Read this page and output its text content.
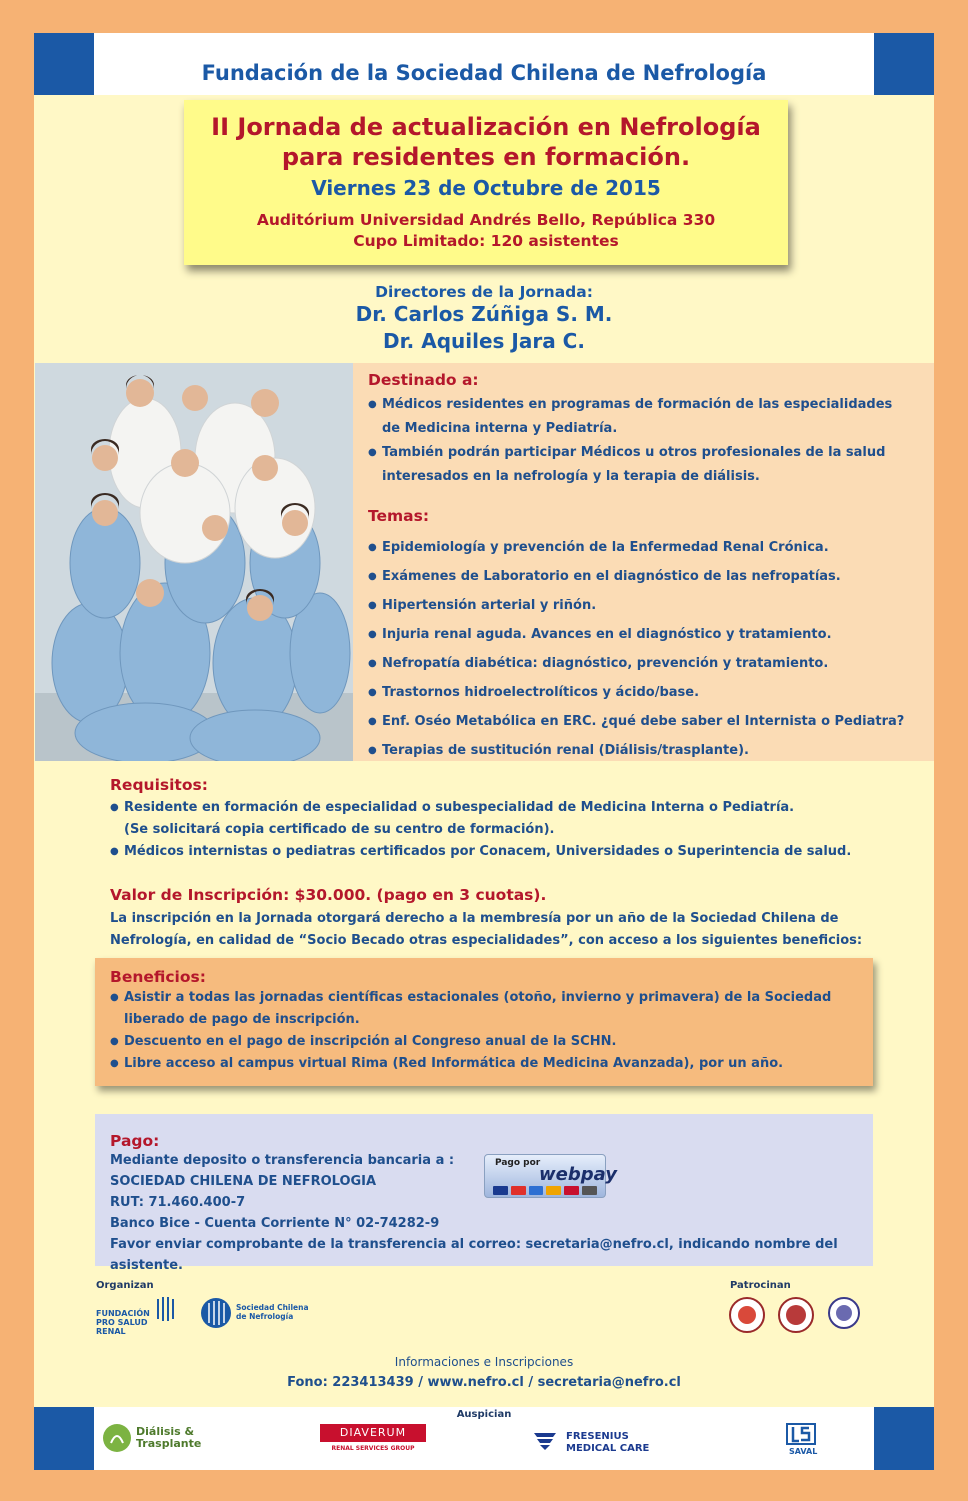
Fundación de la Sociedad Chilena de Nefrología
II Jornada de actualización en Nefrología
para residentes en formación.
Viernes 23 de Octubre de 2015
Auditórium Universidad Andrés Bello, República 330
Cupo Limitado: 120 asistentes
Directores de la Jornada:
Dr. Carlos Zúñiga S. M.
Dr. Aquiles Jara C.
Destinado a:
● Médicos residentes en programas de formación de las especialidades
de Medicina interna y Pediatría.
● También podrán participar Médicos u otros profesionales de la salud
interesados en la nefrología y la terapia de diálisis.
Temas:
● Epidemiología y prevención de la Enfermedad Renal Crónica.
● Exámenes de Laboratorio en el diagnóstico de las nefropatías.
● Hipertensión arterial y riñón.
● Injuria renal aguda. Avances en el diagnóstico y tratamiento.
● Nefropatía diabética: diagnóstico, prevención y tratamiento.
● Trastornos hidroelectrolíticos y ácido/base.
● Enf. Oséo Metabólica en ERC. ¿qué debe saber el Internista o Pediatra?
● Terapias de sustitución renal (Diálisis/trasplante).
Requisitos:
● Residente en formación de especialidad o subespecialidad de Medicina Interna o Pediatría.
(Se solicitará copia certificado de su centro de formación).
● Médicos internistas o pediatras certificados por Conacem, Universidades o Superintencia de salud.
Valor de Inscripción: $30.000. (pago en 3 cuotas).
La inscripción en la Jornada otorgará derecho a la membresía por un año de la Sociedad Chilena de
Nefrología, en calidad de “Socio Becado otras especialidades”, con acceso a los siguientes beneficios:
Beneficios:
● Asistir a todas las jornadas científicas estacionales (otoño, invierno y primavera) de la Sociedad
liberado de pago de inscripción.
● Descuento en el pago de inscripción al Congreso anual de la SCHN.
● Libre acceso al campus virtual Rima (Red Informática de Medicina Avanzada), por un año.
Pago:
Mediante deposito o transferencia bancaria a :
SOCIEDAD CHILENA DE NEFROLOGIA
RUT: 71.460.400-7
Banco Bice - Cuenta Corriente N° 02-74282-9
Favor enviar comprobante de la transferencia al correo: secretaria@nefro.cl, indicando nombre del asistente.
Pago por
webpay
Organizan
FUNDACIÓN PRO SALUD RENAL
Sociedad Chilena de Nefrología
Patrocinan
Informaciones e Inscripciones
Fono: 223413439 / www.nefro.cl / secretaria@nefro.cl
Auspician
Diálisis & Trasplante
DIAVERUM
RENAL SERVICES GROUP
FRESENIUS MEDICAL CARE	SAVAL
